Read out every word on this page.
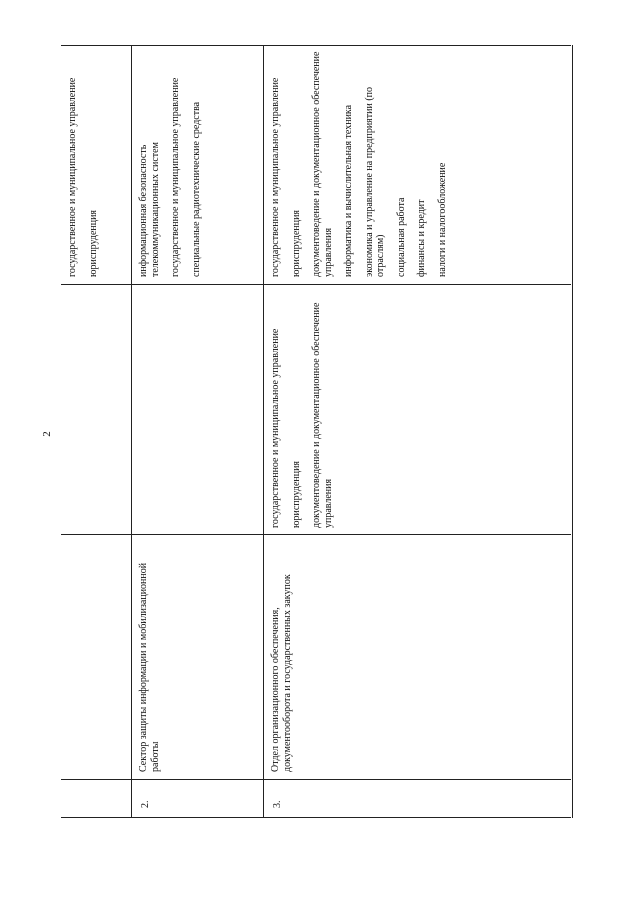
2
государственное и муниципальное управление юриспруденция
2.
Сектор защиты информации и мобилизационной работы
информационная безопасность телекоммуникационных систем государственное и муниципальное управление специальные радиотехнические средства
3.
Отдел организационного обеспечения, документооборота и государственных закупок
государственное и муниципальное управление юриспруденция документоведение и документационное обеспечение управления
государственное и муниципальное управление юриспруденция документоведение и документационное обеспечение управления информатика и вычислительная техника экономика и управление на предприятии (по отраслям) социальная работа финансы и кредит налоги и налогообложение
